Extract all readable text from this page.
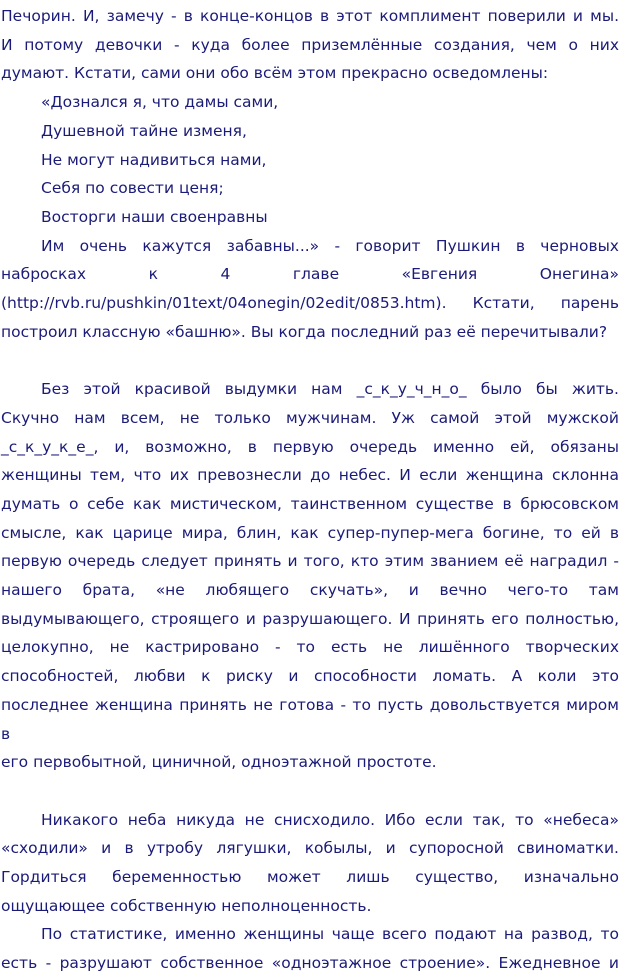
Печорин. И, замечу - в конце-концов в этот комплимент поверили и мы.
И потому девочки - куда более приземлённые создания, чем о них
думают. Кстати, сами они обо всём этом прекрасно осведомлены:
«Дознался я, что дамы сами,
Душевной тайне изменя,
Не могут надивиться нами,
Себя по совести ценя;
Восторги наши своенравны
Им очень кажутся забавны...» - говорит Пушкин в черновых
набросках к 4 главе «Евгения Онегина»
(http://rvb.ru/pushkin/01text/04onegin/02edit/0853.htm). Кстати, парень
построил классную «башню». Вы когда последний раз её перечитывали?
Без этой красивой выдумки нам _с_к_у_ч_н_о_ было бы жить.
Скучно нам всем, не только мужчинам. Уж самой этой мужской
_с_к_у_к_е_, и, возможно, в первую очередь именно ей, обязаны
женщины тем, что их превознесли до небес. И если женщина склонна
думать о себе как мистическом, таинственном существе в брюсовском
смысле, как царице мира, блин, как супер-пупер-мега богине, то ей в
первую очередь следует принять и того, кто этим званием её наградил -
нашего брата, «не любящего скучать», и вечно чего-то там
выдумывающего, строящего и разрушающего. И принять его полностью,
целокупно, не кастрировано - то есть не лишённого творческих
способностей, любви к риску и способности ломать. А коли это
последнее женщина принять не готова - то пусть довольствуется миром в
его первобытной, циничной, одноэтажной простоте.
Никакого неба никуда не снисходило. Ибо если так, то «небеса»
«сходили» и в утробу лягушки, кобылы, и супоросной свиноматки.
Гордиться беременностью может лишь существо, изначально
ощущающее собственную неполноценность.
По статистике, именно женщины чаще всего подают на развод, то
есть - разрушают собственное «одноэтажное строение». Ежедневное и
